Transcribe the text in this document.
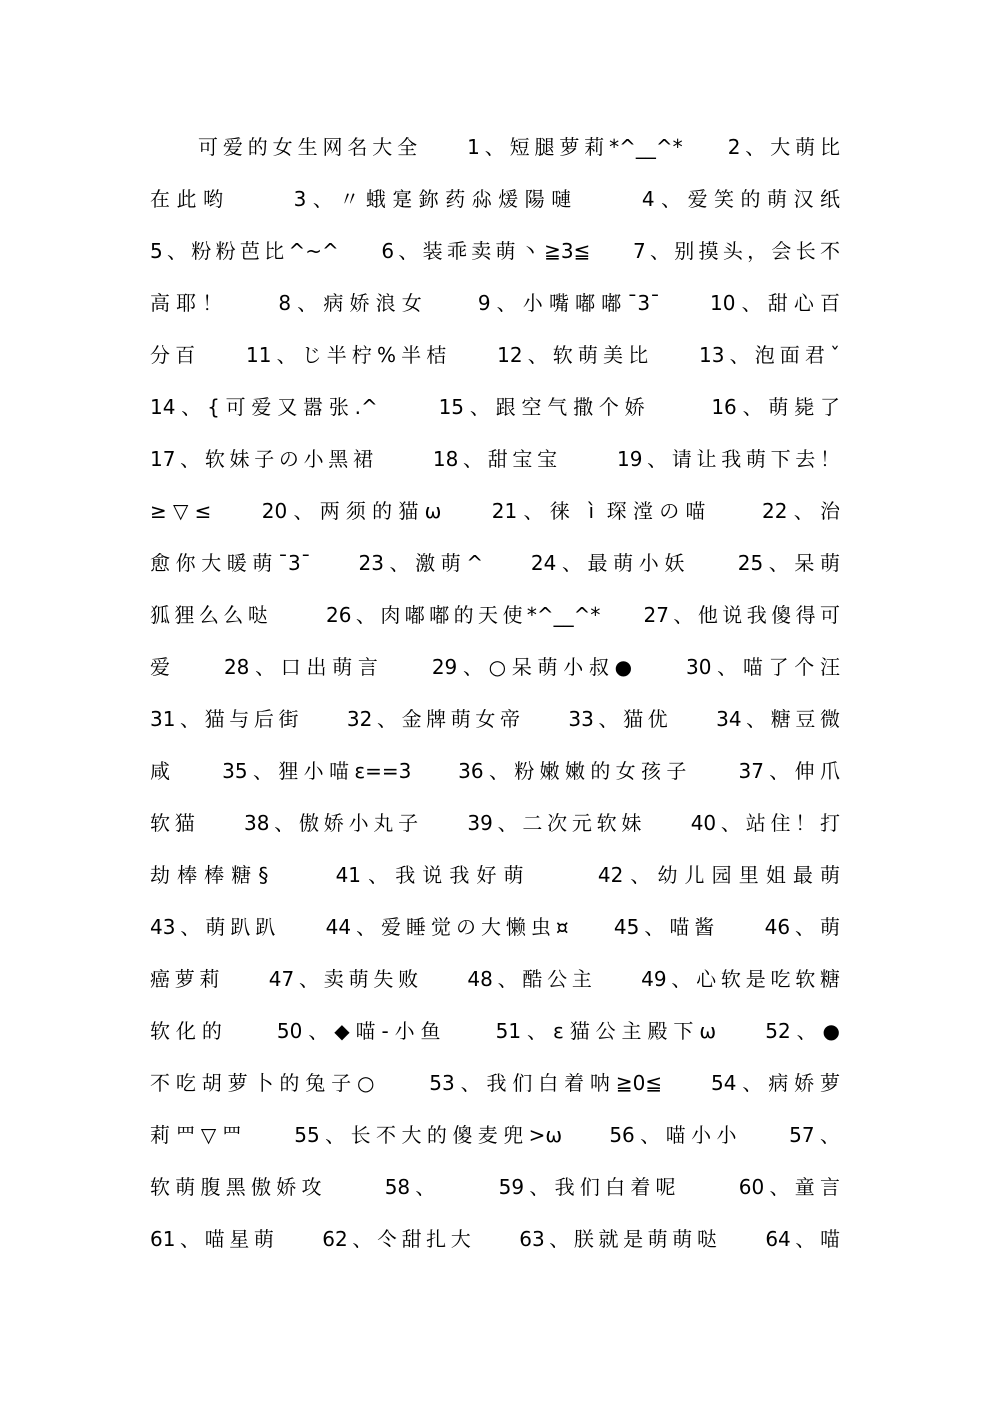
可爱的女生网名大全    1、短腿萝莉*^__^*    2、大萌比
在此哟     3、〃蛾寔鉨药尛煖陽嗹     4、爱笑的萌汉纸
5、粉粉芭比^~^    6、装乖卖萌丶≧3≦    7、别摸头，会长不
高耶！    8、病娇浪女    9、小嘴嘟嘟¯3¯    10、甜心百
分百    11、じ半柠%半桔    12、软萌美比    13、泡面君ˇ
14、{可爱又嚣张.^     15、跟空气撒个娇     16、萌毙了
17、软妹子の小黑裙     18、甜宝宝     19、请让我萌下去！
≥▽≤    20、两须的猫ω    21、徕 ì 琛漟の喵    22、治
愈你大暖萌¯3¯    23、激萌^    24、最萌小妖    25、呆萌
狐狸么么哒     26、肉嘟嘟的天使*^__^*    27、他说我傻得可
爱    28、口出萌言    29、○呆萌小叔●    30、喵了个汪
31、猫与后街    32、金牌萌女帝    33、猫优    34、糖豆微
咸    35、狸小喵ε==3    36、粉嫩嫩的女孩子    37、伸爪
软猫    38、傲娇小丸子    39、二次元软妹    40、站住！打
劫棒棒糖§     41、我说我好萌     42、幼儿园里姐最萌
43、萌趴趴    44、爱睡觉の大懒虫¤    45、喵酱    46、萌
癌萝莉    47、卖萌失败    48、酷公主    49、心软是吃软糖
软化的    50、◆喵-小鱼    51、ε猫公主殿下ω    52、●
不吃胡萝卜的兔子○    53、我们白着呐≧0≦    54、病娇萝
莉罒▽罒    55、长不大的傻麦兜>ω    56、喵小小    57、
软萌腹黑傲娇攻     58、     59、我们白着呢     60、童言
61、喵星萌    62、仒甜扎大    63、朕就是萌萌哒    64、喵
